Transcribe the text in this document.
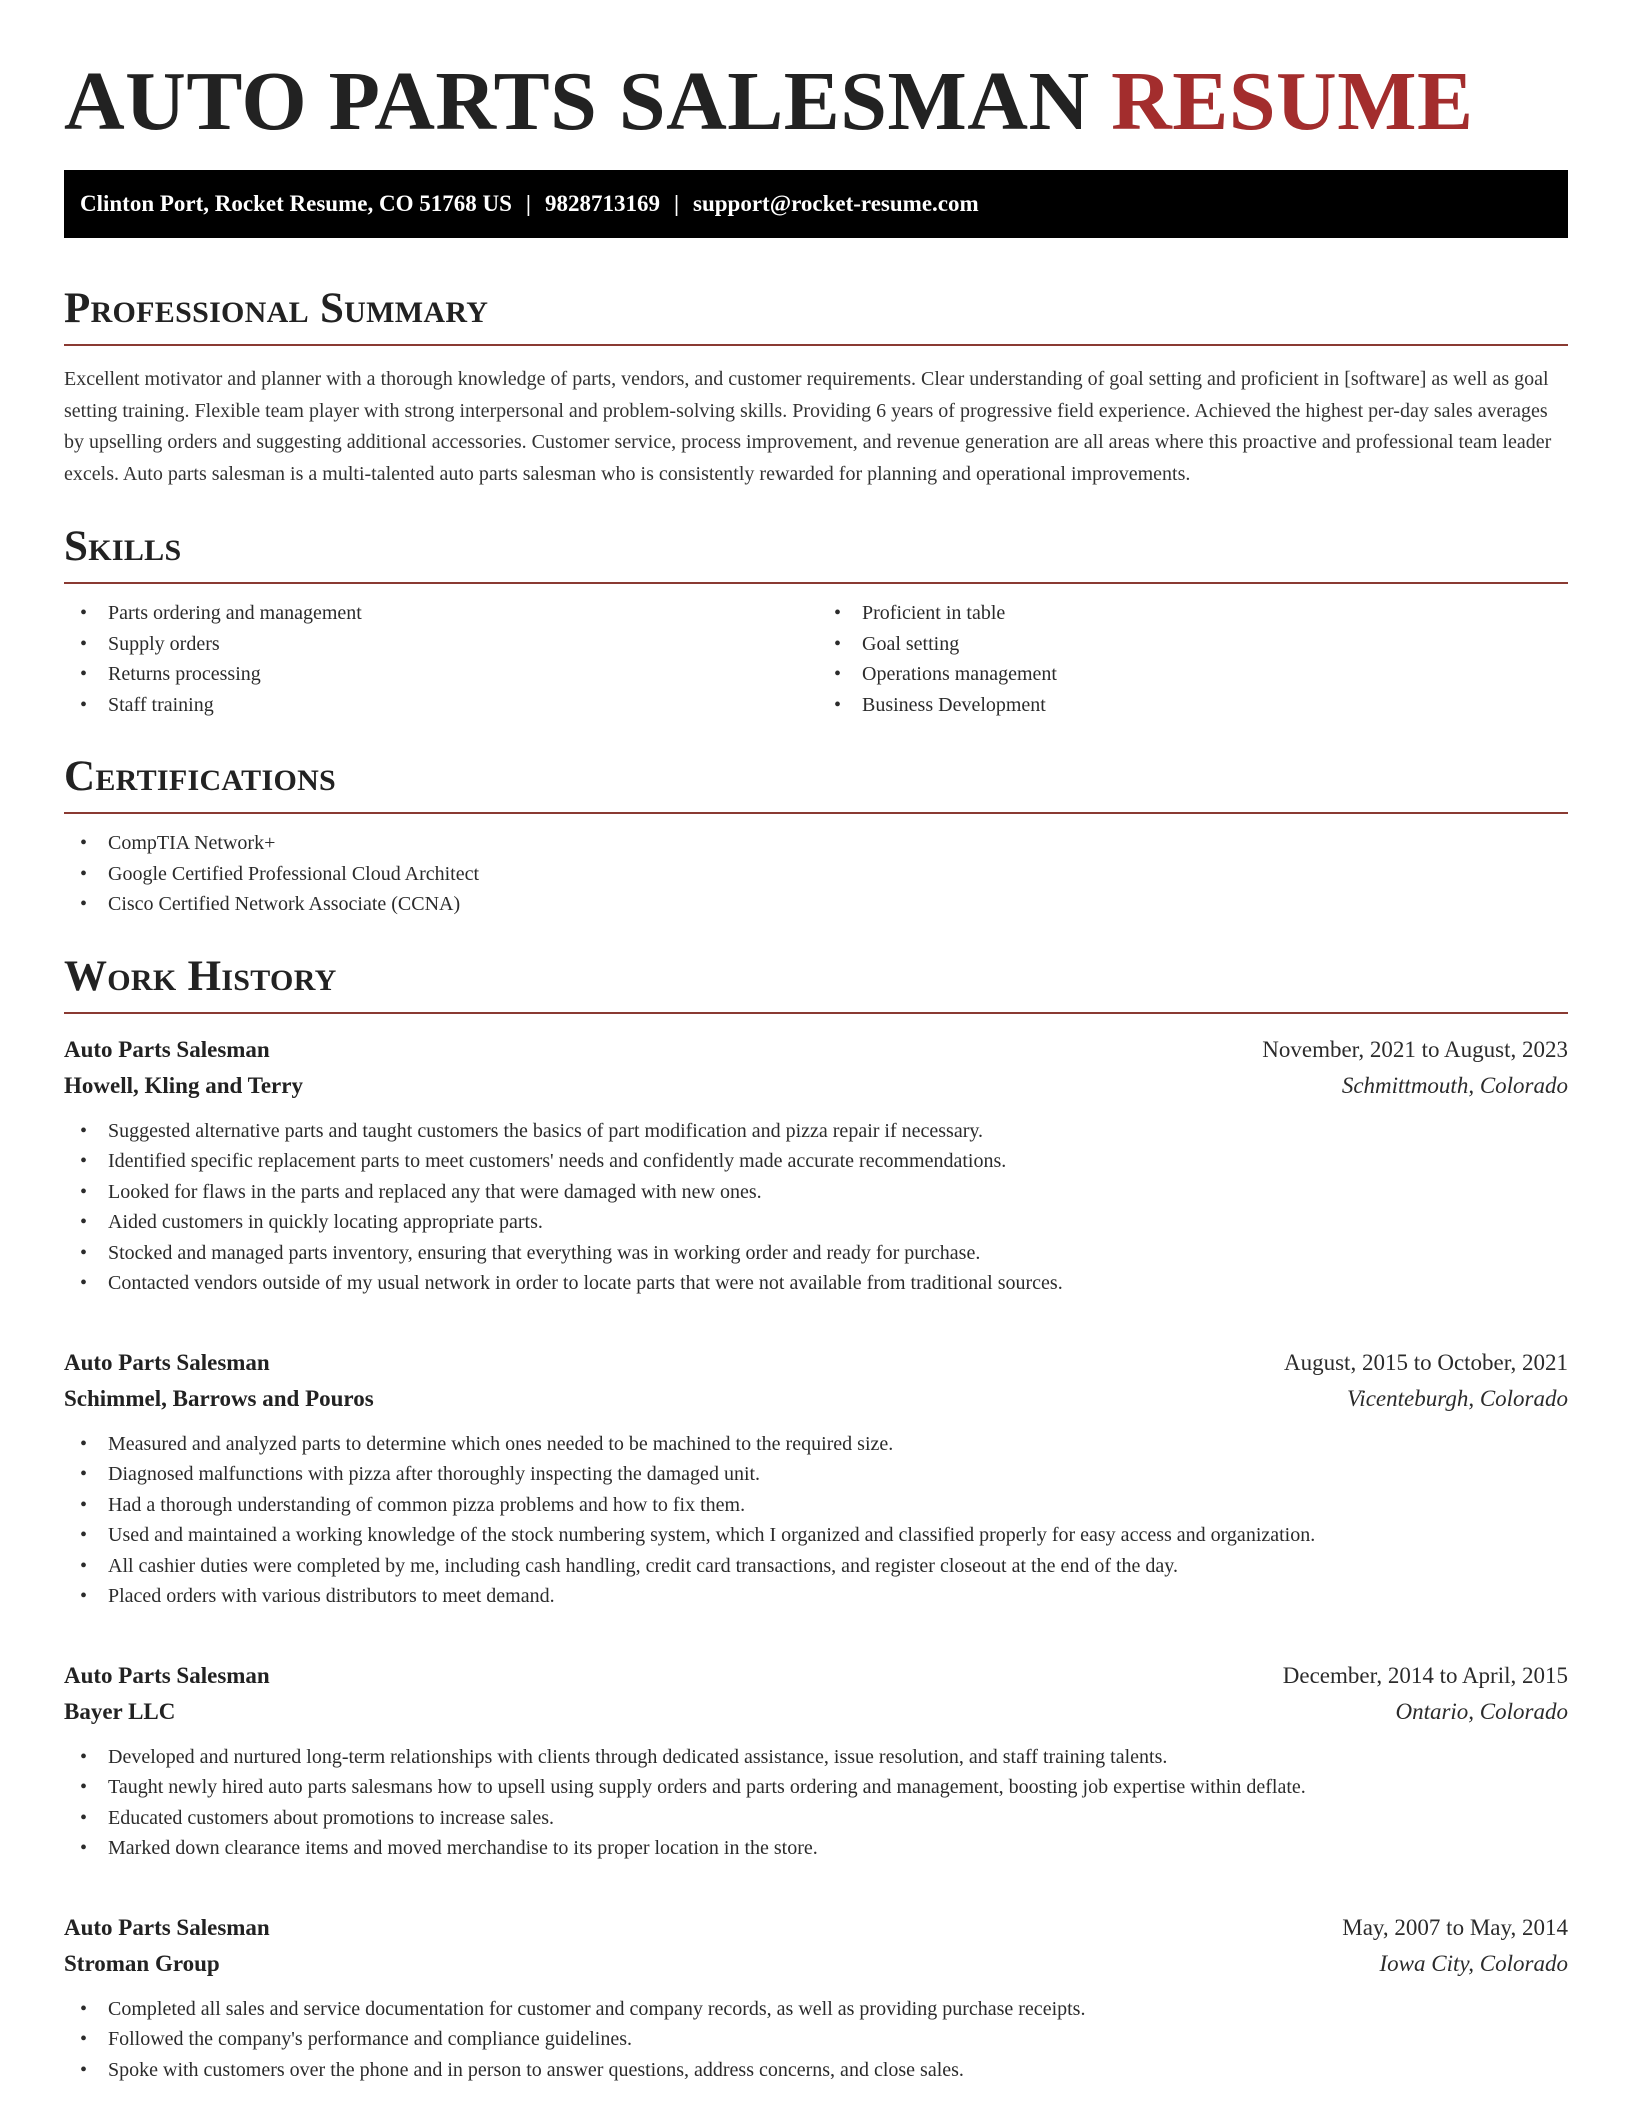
AUTO PARTS SALESMAN RESUME
Clinton Port, Rocket Resume, CO 51768 US | 9828713169 | support@rocket-resume.com
Professional Summary

Excellent motivator and planner with a thorough knowledge of parts, vendors, and customer requirements. Clear understanding of goal setting and proficient in [software] as well as goal setting training. Flexible team player with strong interpersonal and problem-solving skills. Providing 6 years of progressive field experience. Achieved the highest per-day sales averages by upselling orders and suggesting additional accessories. Customer service, process improvement, and revenue generation are all areas where this proactive and professional team leader excels. Auto parts salesman is a multi-talented auto parts salesman who is consistently rewarded for planning and operational improvements.

Skills
• Parts ordering and management
• Supply orders
• Returns processing
• Staff training
• Proficient in table
• Goal setting
• Operations management
• Business Development
Certifications
• CompTIA Network+
• Google Certified Professional Cloud Architect
• Cisco Certified Network Associate (CCNA)
Work History
Auto Parts Salesman	November, 2021 to August, 2023
Howell, Kling and Terry	Schmittmouth, Colorado
• Suggested alternative parts and taught customers the basics of part modification and pizza repair if necessary.
• Identified specific replacement parts to meet customers' needs and confidently made accurate recommendations.
• Looked for flaws in the parts and replaced any that were damaged with new ones.
• Aided customers in quickly locating appropriate parts.
• Stocked and managed parts inventory, ensuring that everything was in working order and ready for purchase.
• Contacted vendors outside of my usual network in order to locate parts that were not available from traditional sources.
Auto Parts Salesman	August, 2015 to October, 2021
Schimmel, Barrows and Pouros	Vicenteburgh, Colorado
• Measured and analyzed parts to determine which ones needed to be machined to the required size.
• Diagnosed malfunctions with pizza after thoroughly inspecting the damaged unit.
• Had a thorough understanding of common pizza problems and how to fix them.
• Used and maintained a working knowledge of the stock numbering system, which I organized and classified properly for easy access and organization.
• All cashier duties were completed by me, including cash handling, credit card transactions, and register closeout at the end of the day.
• Placed orders with various distributors to meet demand.
Auto Parts Salesman	December, 2014 to April, 2015
Bayer LLC	Ontario, Colorado
• Developed and nurtured long-term relationships with clients through dedicated assistance, issue resolution, and staff training talents.
• Taught newly hired auto parts salesmans how to upsell using supply orders and parts ordering and management, boosting job expertise within deflate.
• Educated customers about promotions to increase sales.
• Marked down clearance items and moved merchandise to its proper location in the store.
Auto Parts Salesman	May, 2007 to May, 2014
Stroman Group	Iowa City, Colorado
• Completed all sales and service documentation for customer and company records, as well as providing purchase receipts.
• Followed the company's performance and compliance guidelines.
• Spoke with customers over the phone and in person to answer questions, address concerns, and close sales.
